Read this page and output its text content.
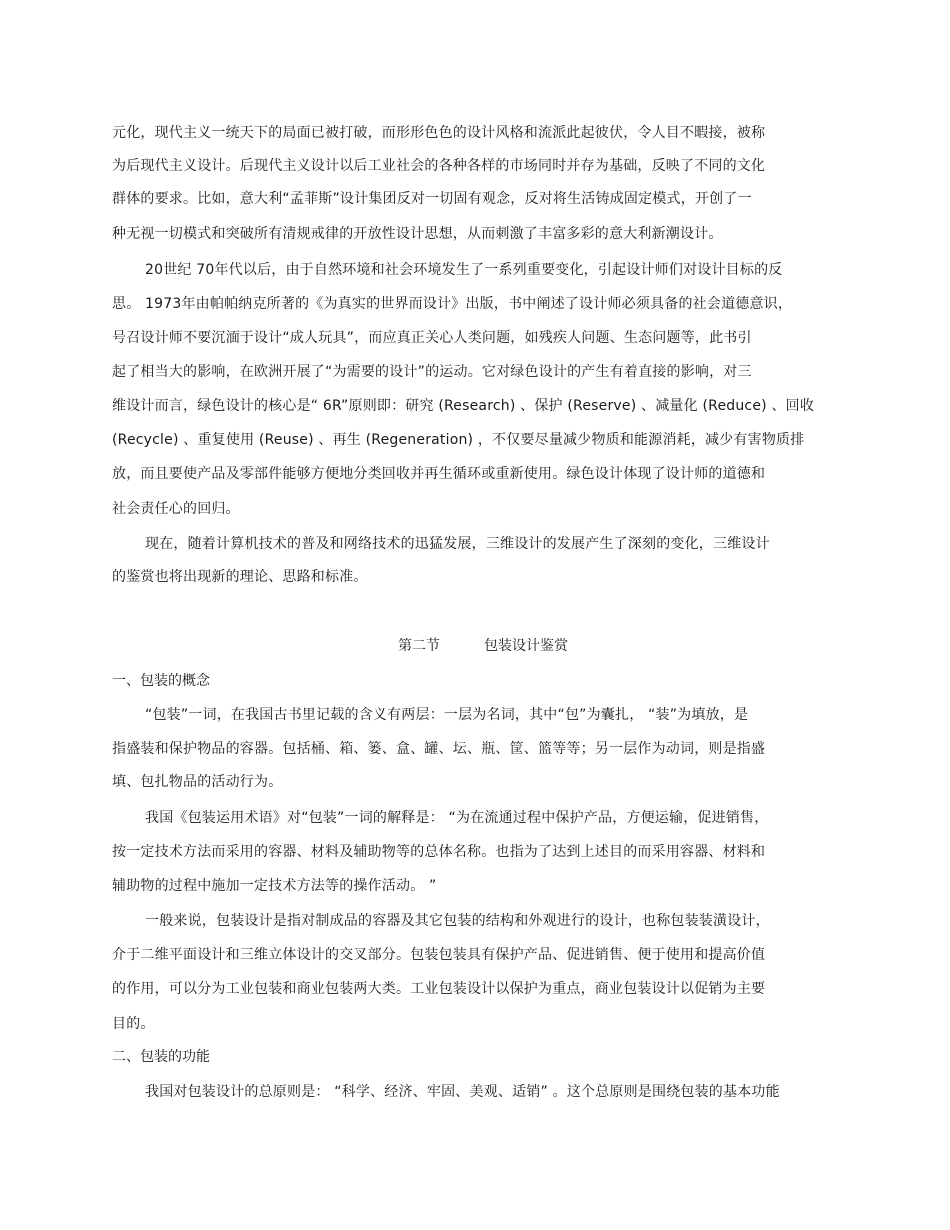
元化，现代主义一统天下的局面已被打破，而形形色色的设计风格和流派此起彼伏，令人目不暇接，被称
为后现代主义设计。后现代主义设计以后工业社会的各种各样的市场同时并存为基础，反映了不同的文化
群体的要求。比如，意大利“孟菲斯”设计集团反对一切固有观念，反对将生活铸成固定模式，开创了一
种无视一切模式和突破所有清规戒律的开放性设计思想，从而刺激了丰富多彩的意大利新潮设计。
20世纪 70年代以后，由于自然环境和社会环境发生了一系列重要变化，引起设计师们对设计目标的反
思。 1973年由帕帕纳克所著的《为真实的世界而设计》出版，书中阐述了设计师必须具备的社会道德意识，
号召设计师不要沉湎于设计“成人玩具”，而应真正关心人类问题，如残疾人问题、生态问题等，此书引
起了相当大的影响，在欧洲开展了“为需要的设计”的运动。它对绿色设计的产生有着直接的影响，对三
维设计而言，绿色设计的核心是“ 6R”原则即：研究 (Research) 、保护 (Reserve) 、减量化 (Reduce) 、回收
(Recycle) 、重复使用 (Reuse) 、再生 (Regeneration) ，不仅要尽量减少物质和能源消耗，减少有害物质排
放，而且要使产品及零部件能够方便地分类回收并再生循环或重新使用。绿色设计体现了设计师的道德和
社会责任心的回归。
现在，随着计算机技术的普及和网络技术的迅猛发展，三维设计的发展产生了深刻的变化，三维设计
的鉴赏也将出现新的理论、思路和标准。
第二节	包装设计鉴赏
一、包装的概念
“包装”一词，在我国古书里记载的含义有两层：一层为名词，其中“包”为囊扎， “装”为填放，是
指盛装和保护物品的容器。包括桶、箱、篓、盒、罐、坛、瓶、筐、篮等等；另一层作为动词，则是指盛
填、包扎物品的活动行为。
我国《包装运用术语》对“包装”一词的解释是： “为在流通过程中保护产品，方便运输，促进销售，
按一定技术方法而采用的容器、材料及辅助物等的总体名称。也指为了达到上述目的而采用容器、材料和
辅助物的过程中施加一定技术方法等的操作活动。 ”
一般来说，包装设计是指对制成品的容器及其它包装的结构和外观进行的设计，也称包装装潢设计，
介于二维平面设计和三维立体设计的交叉部分。包装包装具有保护产品、促进销售、便于使用和提高价值
的作用，可以分为工业包装和商业包装两大类。工业包装设计以保护为重点，商业包装设计以促销为主要
目的。
二、包装的功能
我国对包装设计的总原则是： “科学、经济、牢固、美观、适销” 。这个总原则是围绕包装的基本功能
